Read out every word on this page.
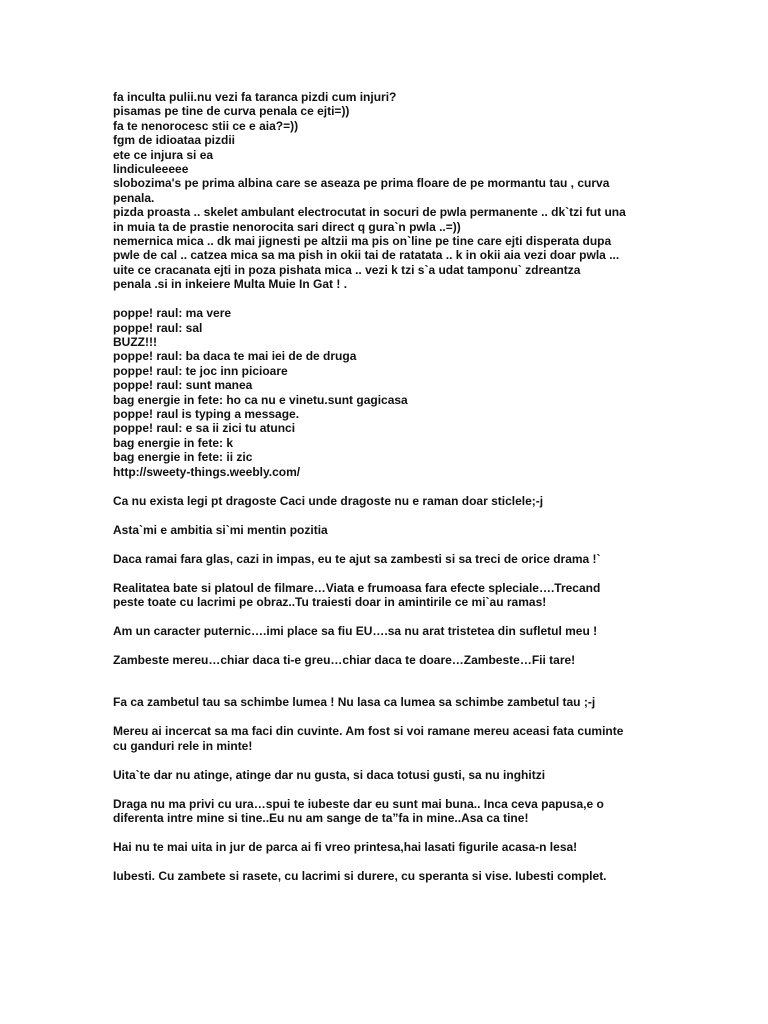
fa inculta pulii.nu vezi fa taranca pizdi cum injuri?
pisamas pe tine de curva penala ce ejti=))
fa te nenorocesc stii ce e aia?=))
fgm de idioataa pizdii
ete ce injura si ea
lindiculeeeee
slobozima's pe prima albina care se aseaza pe prima floare de pe mormantu tau , curva
penala.
pizda proasta .. skelet ambulant electrocutat in socuri de pwla permanente .. dk`tzi fut una
in muia ta de prastie nenorocita sari direct q gura`n pwla ..=))
nemernica mica .. dk mai jignesti pe altzii ma pis on`line pe tine care ejti disperata dupa
pwle de cal .. catzea mica sa ma pish in okii tai de ratatata .. k in okii aia vezi doar pwla ...
uite ce cracanata ejti in poza pishata mica .. vezi k tzi s`a udat tamponu` zdreantza
penala .si in inkeiere Multa Muie In Gat ! .
poppe! raul: ma vere
poppe! raul: sal
BUZZ!!!
poppe! raul: ba daca te mai iei de de druga
poppe! raul: te joc inn picioare
poppe! raul: sunt manea
bag energie in fete: ho ca nu e vinetu.sunt gagicasa
poppe! raul is typing a message.
poppe! raul: e sa ii zici tu atunci
bag energie in fete: k
bag energie in fete: ii zic
http://sweety-things.weebly.com/
Ca nu exista legi pt dragoste Caci unde dragoste nu e raman doar sticlele;-j
Asta`mi e ambitia si`mi mentin pozitia
Daca ramai fara glas, cazi in impas, eu te ajut sa zambesti si sa treci de orice drama !`
Realitatea bate si platoul de filmare…Viata e frumoasa fara efecte spleciale….Trecand
peste toate cu lacrimi pe obraz..Tu traiesti doar in amintirile ce mi`au ramas!
Am un caracter puternic….imi place sa fiu EU….sa nu arat tristetea din sufletul meu !
Zambeste mereu…chiar daca ti-e greu…chiar daca te doare…Zambeste…Fii tare!
Fa ca zambetul tau sa schimbe lumea ! Nu lasa ca lumea sa schimbe zambetul tau ;-j
Mereu ai incercat sa ma faci din cuvinte. Am fost si voi ramane mereu aceasi fata cuminte
cu ganduri rele in minte!
Uita`te dar nu atinge, atinge dar nu gusta, si daca totusi gusti, sa nu inghitzi
Draga nu ma privi cu ura…spui te iubeste dar eu sunt mai buna.. Inca ceva papusa,e o
diferenta intre mine si tine..Eu nu am sange de ta”fa in mine..Asa ca tine!
Hai nu te mai uita in jur de parca ai fi vreo printesa,hai lasati figurile acasa-n lesa!
Iubesti. Cu zambete si rasete, cu lacrimi si durere, cu speranta si vise. Iubesti complet.
